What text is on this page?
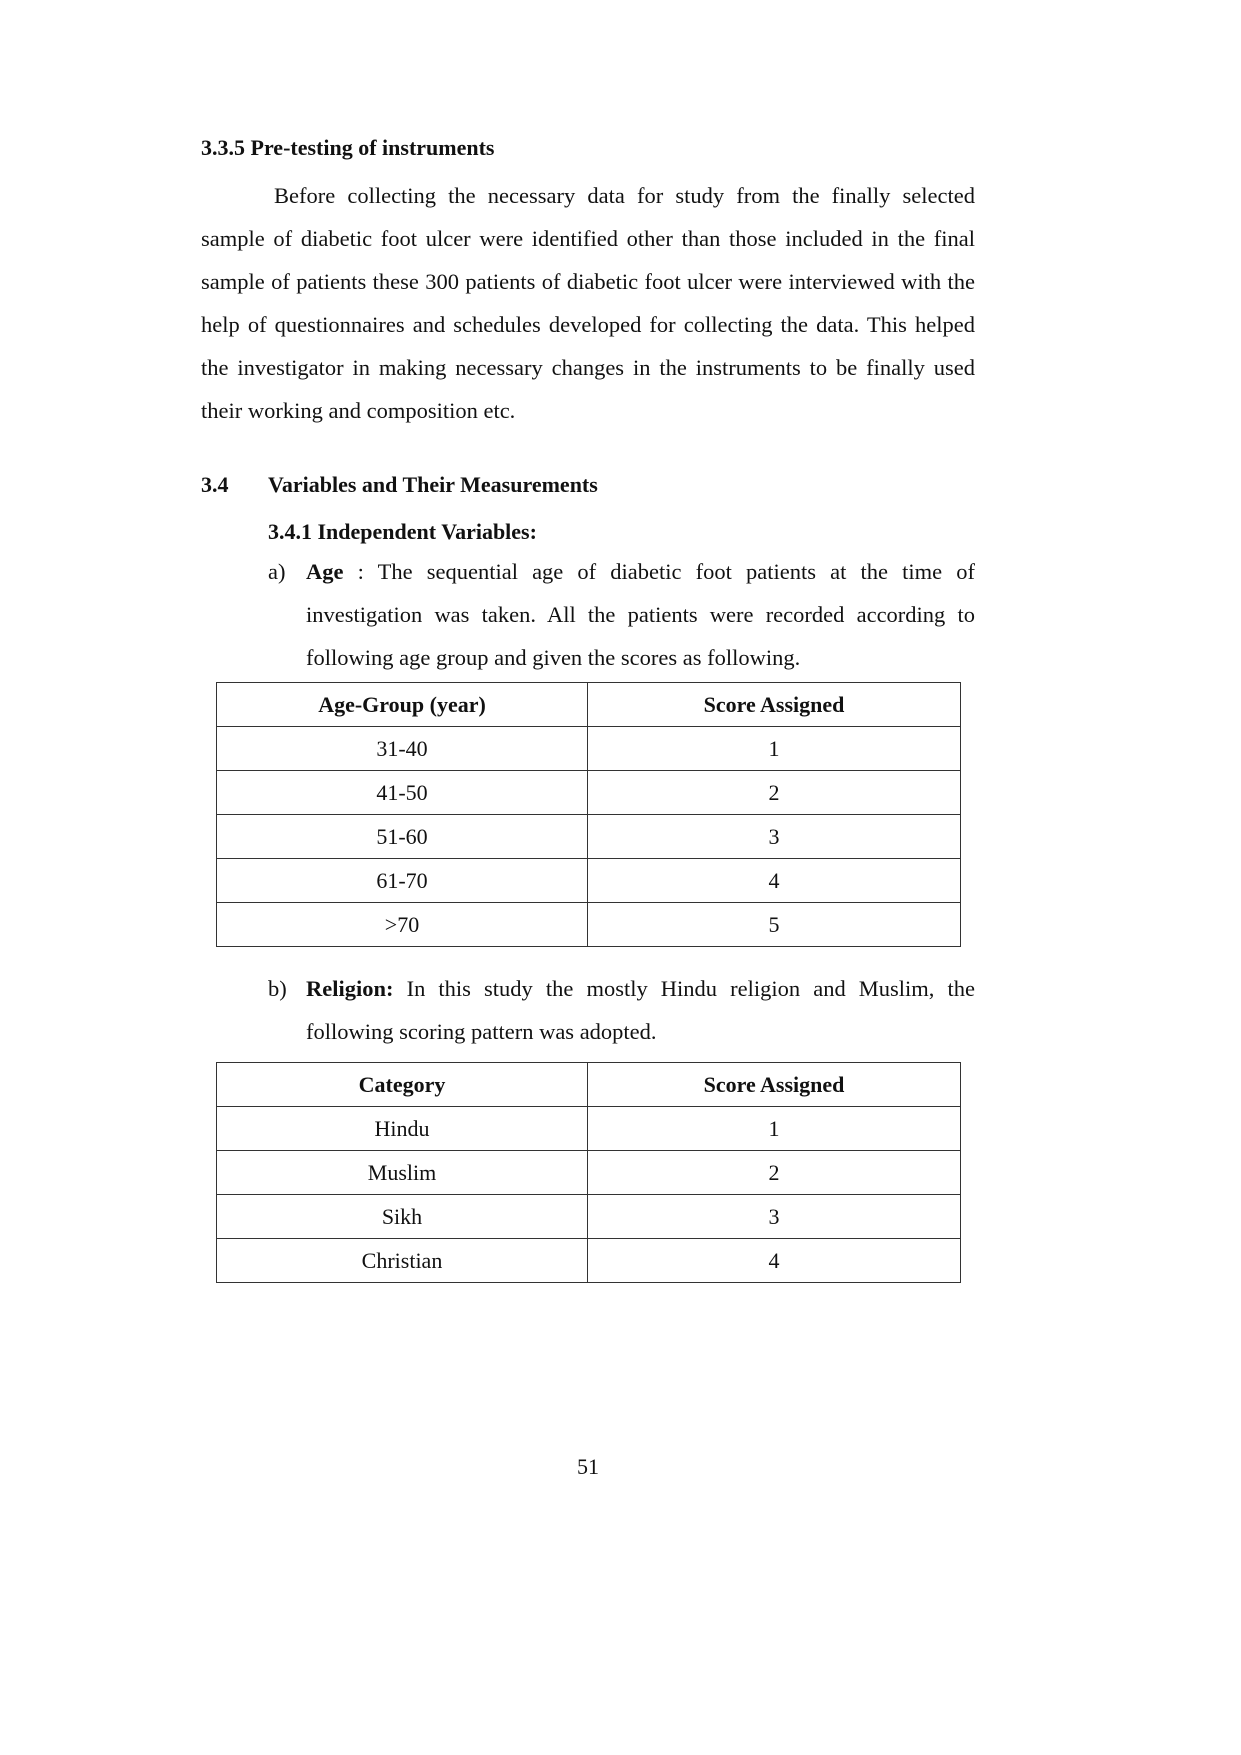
3.3.5 Pre-testing of instruments
Before collecting the necessary data for study from the finally selected sample of diabetic foot ulcer were identified other than those included in the final sample of patients these 300 patients of diabetic foot ulcer were interviewed with the help of questionnaires and schedules developed for collecting the data. This helped the investigator in making necessary changes in the instruments to be finally used their working and composition etc.
3.4 Variables and Their Measurements
3.4.1 Independent Variables:
a) Age : The sequential age of diabetic foot patients at the time of investigation was taken. All the patients were recorded according to following age group and given the scores as following.
Age-Group (year)	Score Assigned
31-40	1
41-50	2
51-60	3
61-70	4
>70	5
b) Religion: In this study the mostly Hindu religion and Muslim, the following scoring pattern was adopted.
Category	Score Assigned
Hindu	1
Muslim	2
Sikh	3
Christian	4
51
